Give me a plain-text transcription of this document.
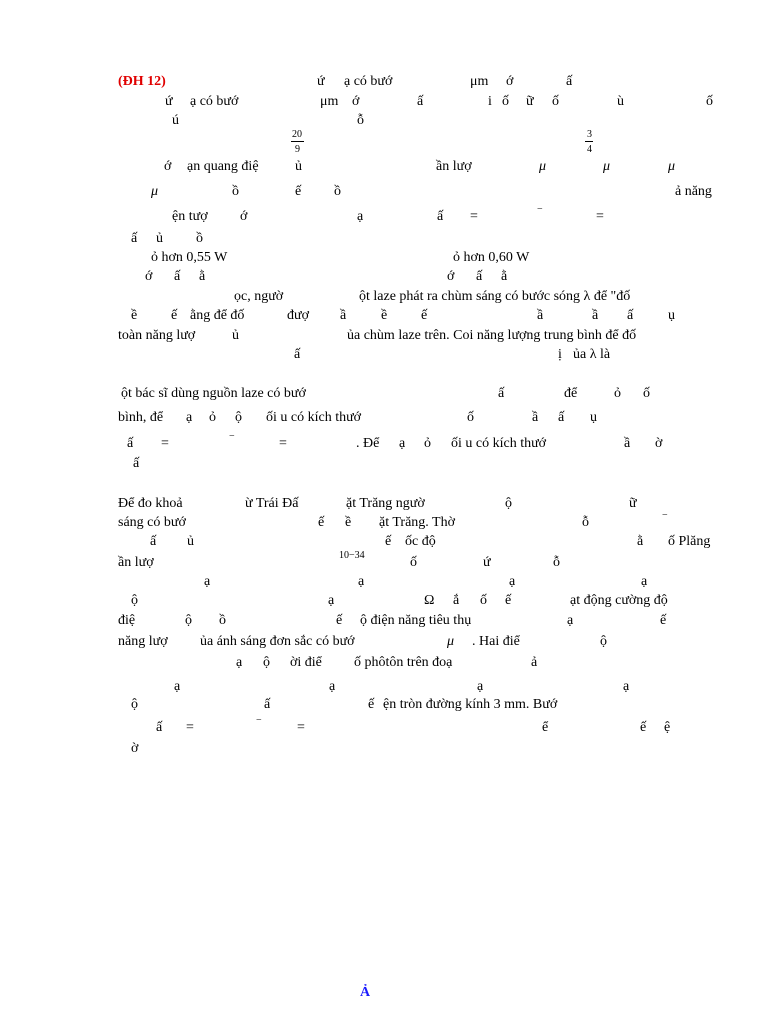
(ĐH 12)	ứ ạ có bướ	μm ớ	ấ
ứ ạ có bướ	μm ớ	ấ	i ố ữ ố	ù	ố
ú	ỗ
20
9
3
4
ớ ạn quang điệ	ủ	ần lượ	μ	μ	μ
μ	ồ	ế ồ	ả năng
ện tượ ớ	ạ	ấ =	−	=
ấ ủ ồ
ỏ hơn 0,55 W	ỏ hơn 0,60 W
ớ ấ ằ	ớ ấ ằ
ọc, ngườ	ột laze phát ra chùm sáng có bước sóng λ để "đố
ề ế ằng để đố	đượ ầ ề ế	ầ	ầ ấ ụ
toàn năng lượ	ủ	ủa chùm laze trên. Coi năng lượng trung bình để đố
ấ	ị ủa λ là
ột bác sĩ dùng nguồn laze có bướ	ấ	để	ỏ ố
bình, để ạ ỏ ộ ối u có kích thướ	ố	ầ ấ ụ
ấ =	−	=	. Để ạ ỏ ối u có kích thướ	ầ ờ
ấ
Để đo khoả	ừ Trái Đấ	ặt Trăng ngườ	ộ	ữ
sáng có bướ	ế ề ặt Trăng. Thờ	ỗ	−
ấ ủ	ế ốc độ	ằ ố Plăng
ần lượ	10−34	ố	ứ	ỗ
ạ	ạ	ạ	ạ
ộ	ạ	Ω ắ ố ế	ạt động cường độ
điệ	ộ ồ	ế ộ điện năng tiêu thụ	ạ	ế
năng lượ ủa ánh sáng đơn sắc có bướ	μ . Hai điể	ộ
ạ ộ ời điể ố phôtôn trên đoạ	ả
ạ	ạ	ạ	ạ
ộ	ấ	ế ện tròn đường kính 3 mm. Bướ
ấ =	−	=	ể	ế ệ
ờ
Ả
